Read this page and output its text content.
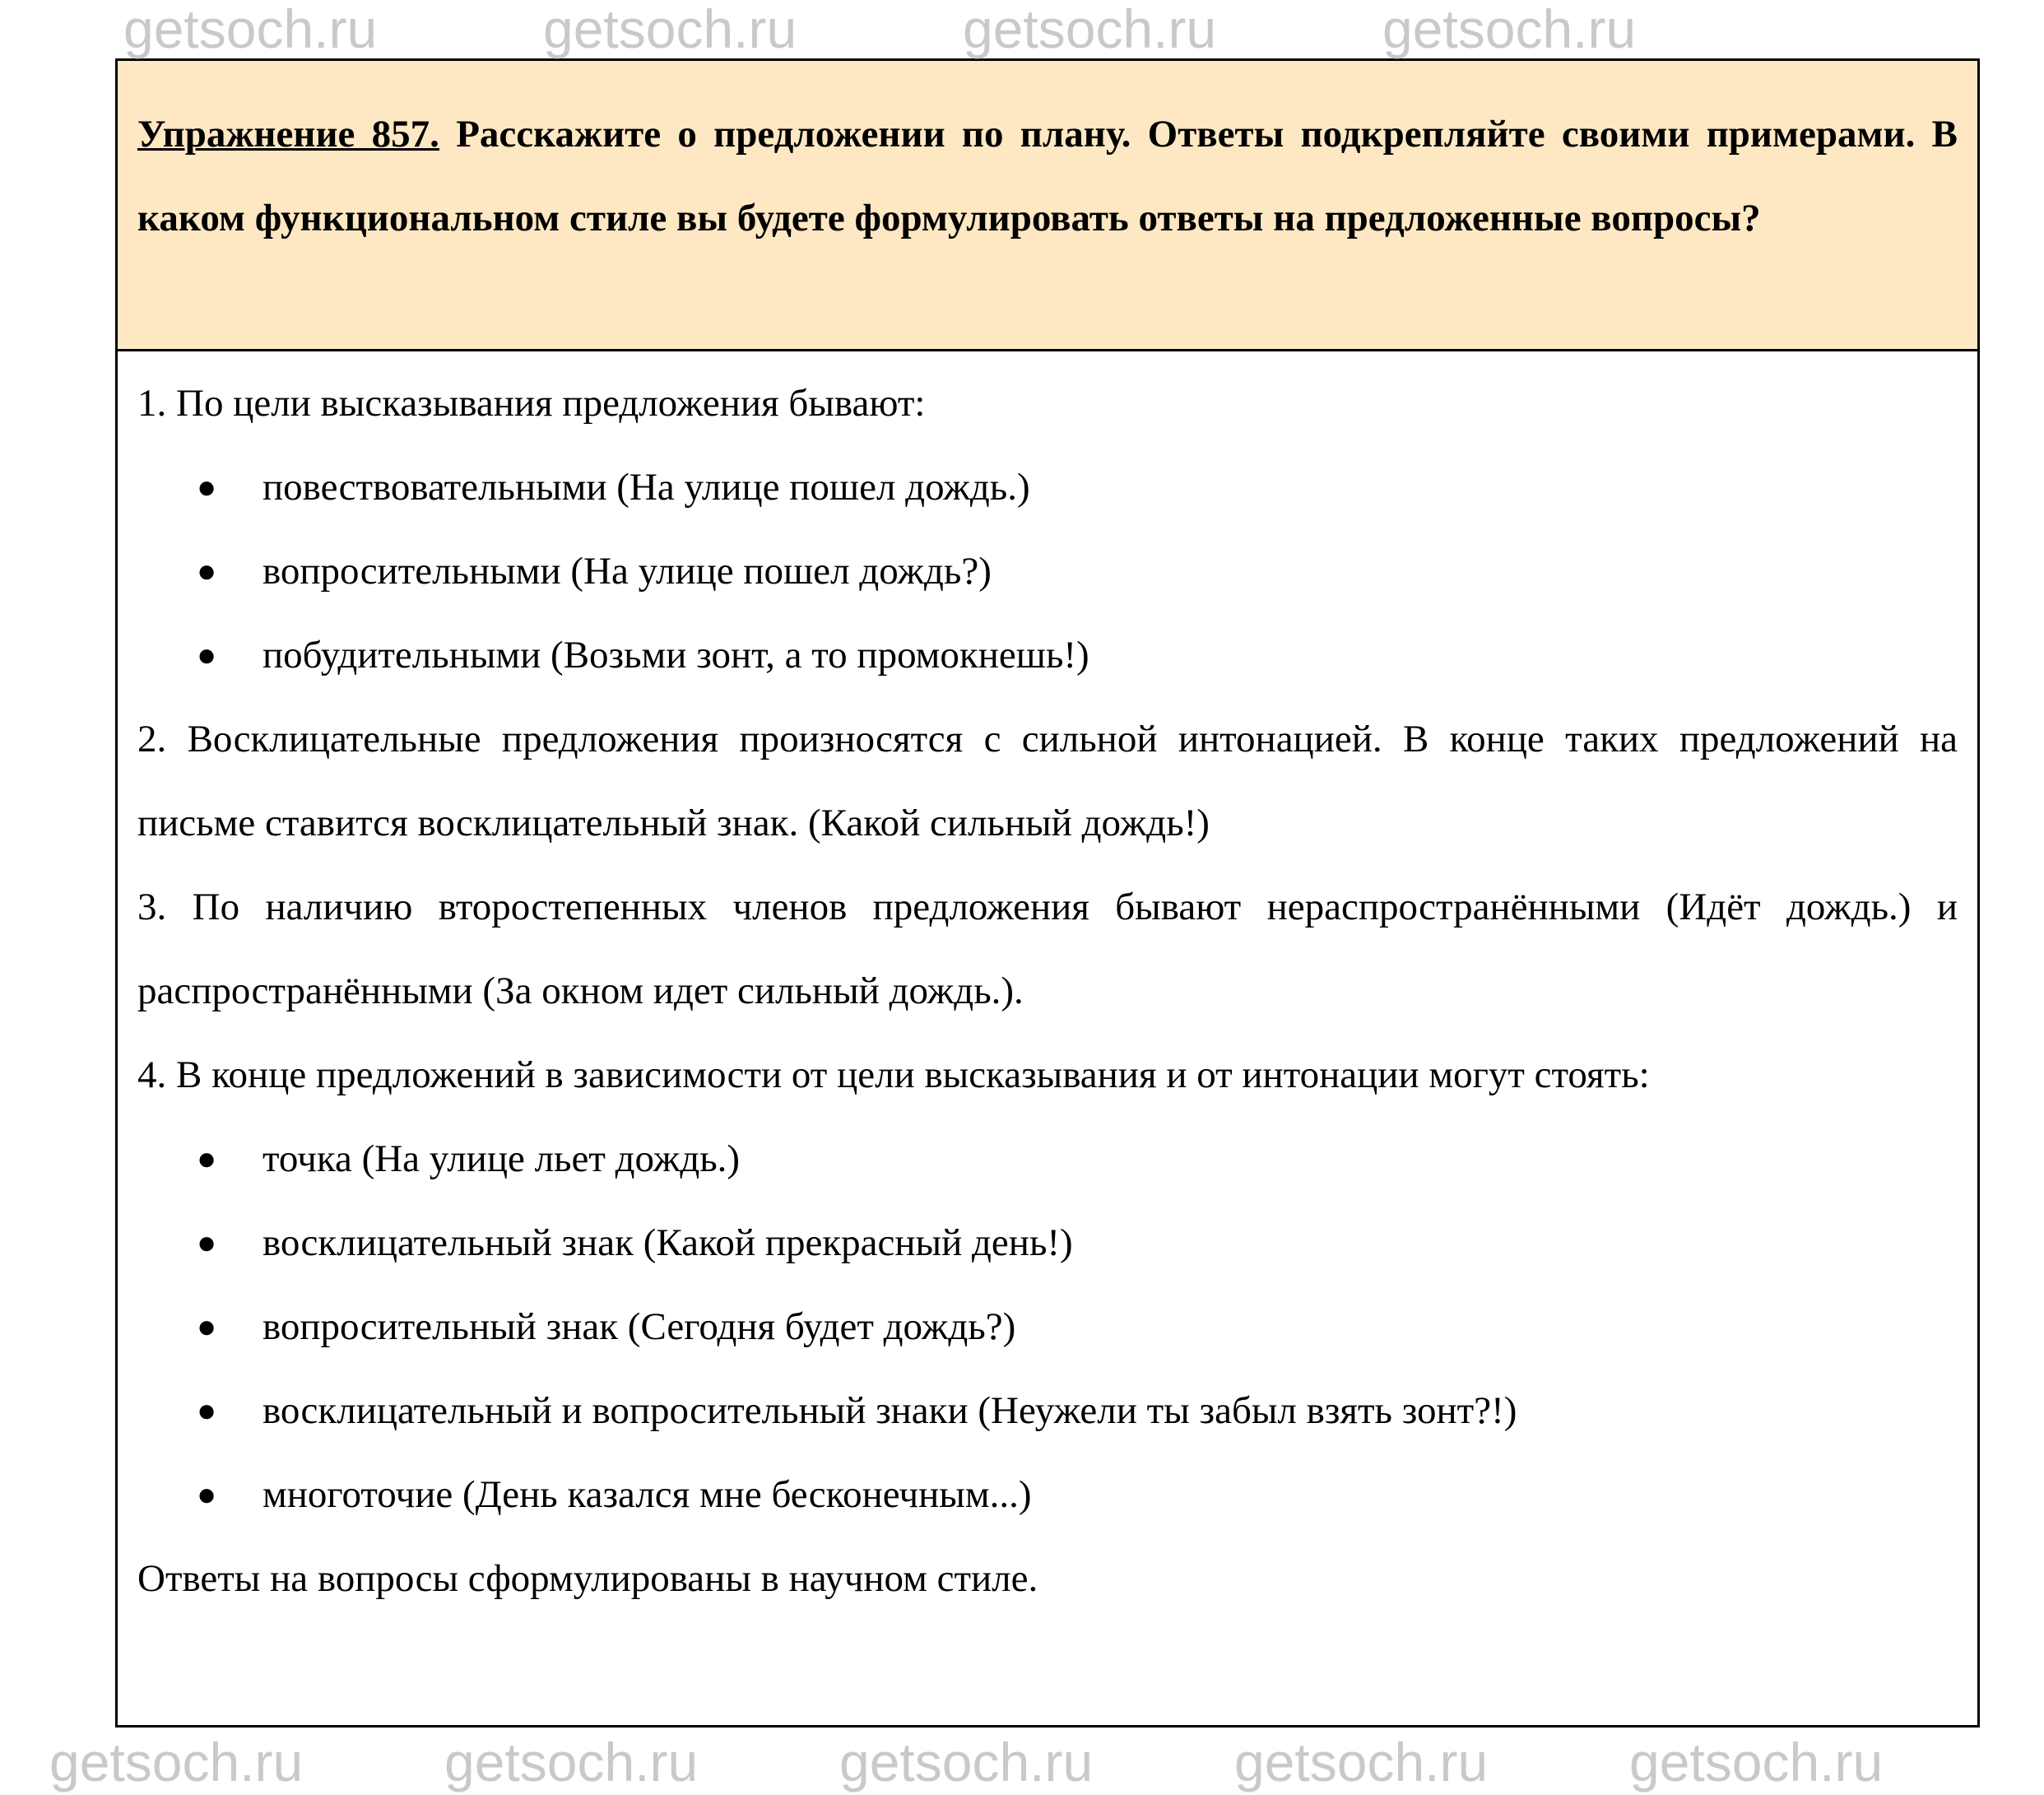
Упражнение 857. Расскажите о предложении по плану. Ответы подкрепляйте своими примерами. В каком функциональном стиле вы будете формулировать ответы на предложенные вопросы?

1. По цели высказывания предложения бывают:

● повествовательными (На улице пошел дождь.)

● вопросительными (На улице пошел дождь?)

● побудительными (Возьми зонт, а то промокнешь!)

2. Восклицательные предложения произносятся с сильной интонацией. В конце таких предложений на письме ставится восклицательный знак. (Какой сильный дождь!)

3. По наличию второстепенных членов предложения бывают нераспространёнными (Идёт дождь.) и распространёнными (За окном идет сильный дождь.).

4. В конце предложений в зависимости от цели высказывания и от интонации могут стоять:

● точка (На улице льет дождь.)

● восклицательный знак (Какой прекрасный день!)

● вопросительный знак (Сегодня будет дождь?)

● восклицательный и вопросительный знаки (Неужели ты забыл взять зонт?!)

● многоточие (День казался мне бесконечным...)

Ответы на вопросы сформулированы в научном стиле.

getsoch.ru	getsoch.ru	getsoch.ru	getsoch.ru
getsoch.ru	getsoch.ru	getsoch.ru	getsoch.ru	getsoch.ru
